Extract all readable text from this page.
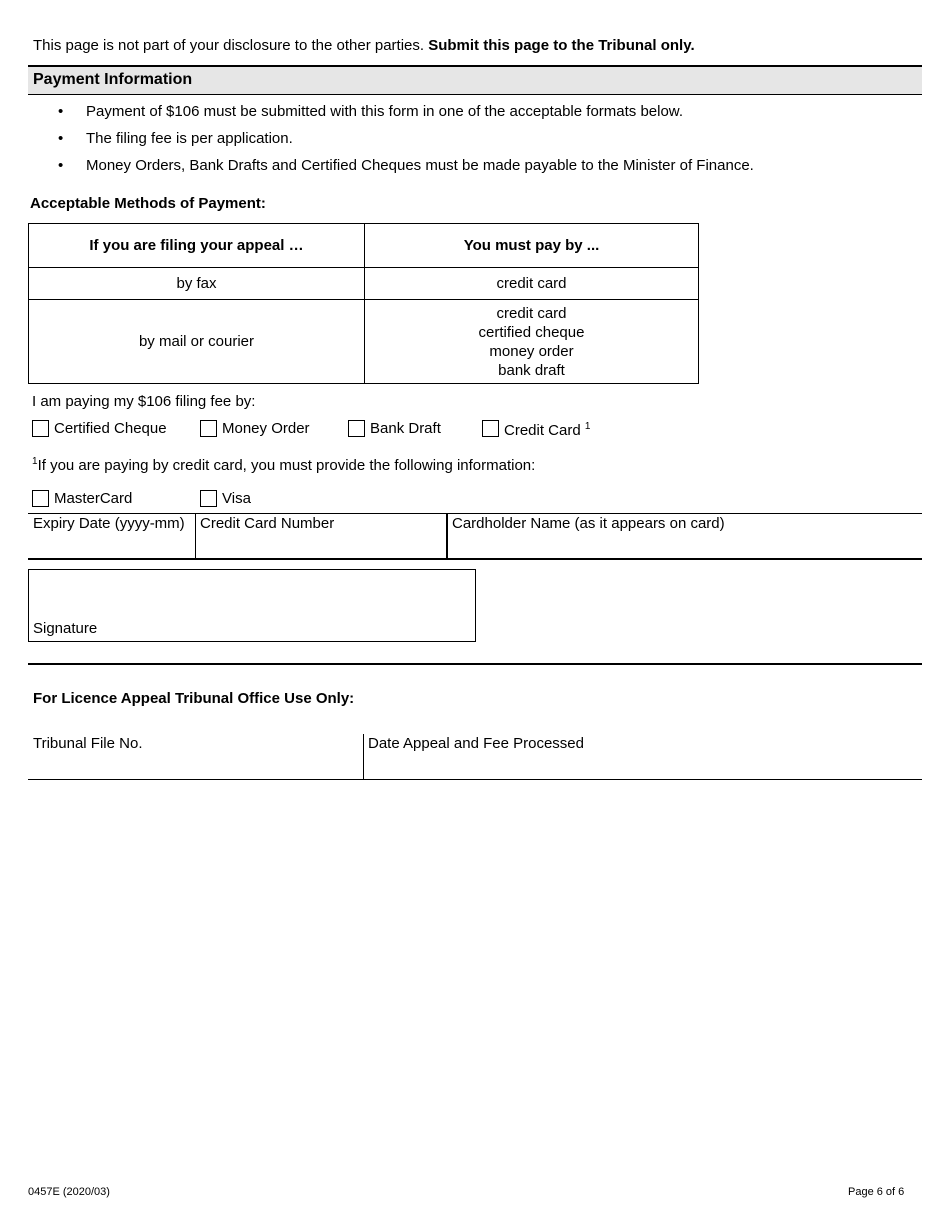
This page is not part of your disclosure to the other parties. Submit this page to the Tribunal only.
Payment Information
• Payment of $106 must be submitted with this form in one of the acceptable formats below.
• The filing fee is per application.
• Money Orders, Bank Drafts and Certified Cheques must be made payable to the Minister of Finance.
Acceptable Methods of Payment:
If you are filing your appeal …	You must pay by ...
by fax	credit card
by mail or courier	credit card
certified cheque
money order
bank draft
I am paying my $106 filing fee by:
Certified Cheque	Money Order	Bank Draft	Credit Card $^1$
$^1$If you are paying by credit card, you must provide the following information:
MasterCard	Visa
Expiry Date (yyyy-mm) Credit Card Number	Cardholder Name (as it appears on card)
Signature
For Licence Appeal Tribunal Office Use Only:
Tribunal File No.	Date Appeal and Fee Processed
0457E (2020/03)	Page 6 of 6
